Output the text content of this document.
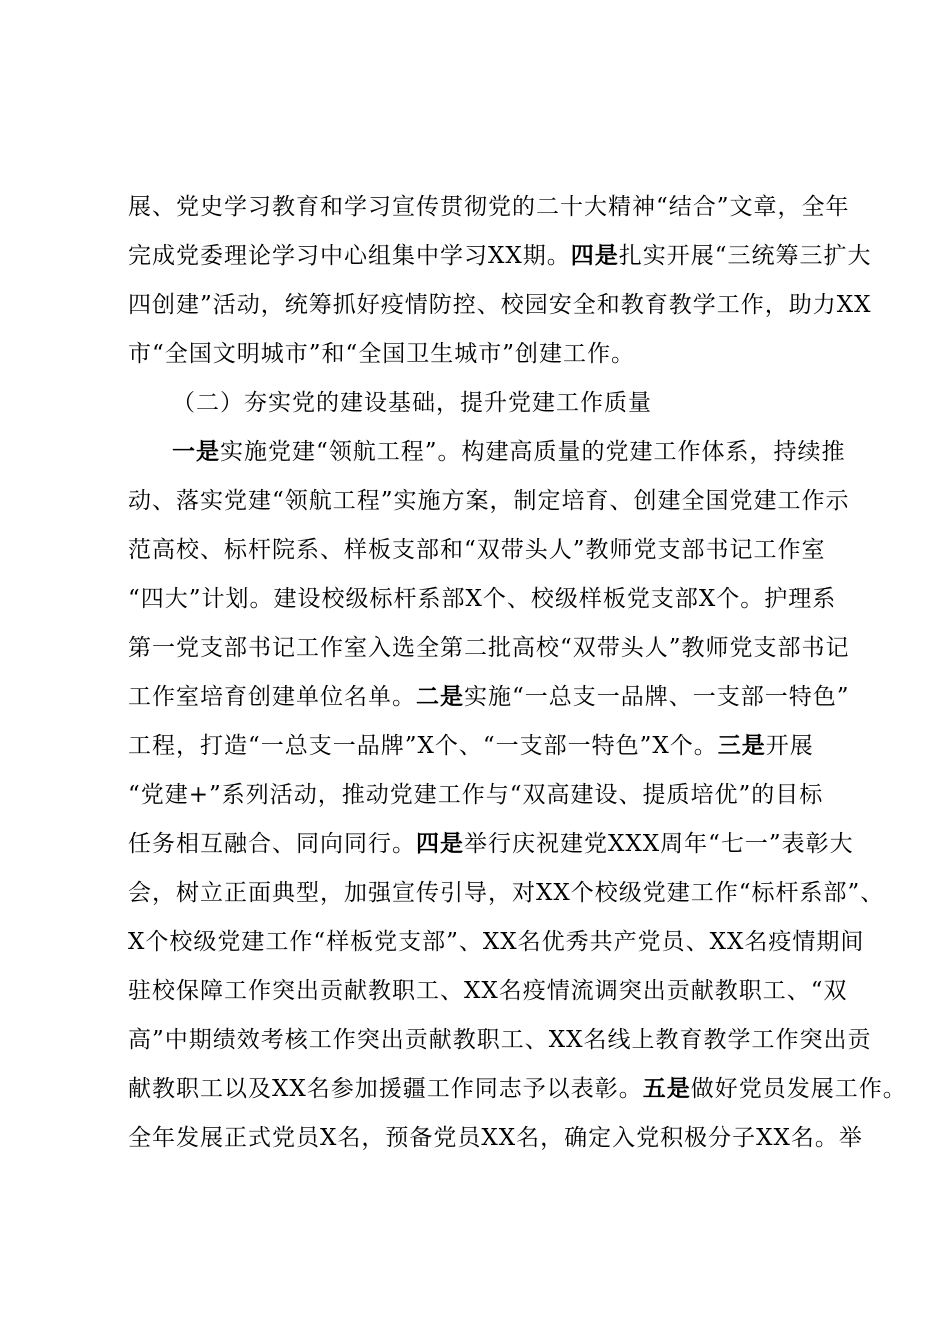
展、党史学习教育和学习宣传贯彻党的二十大精神“结合”文章，全年
完成党委理论学习中心组集中学习XX期。四是扎实开展“三统筹三扩大
四创建”活动，统筹抓好疫情防控、校园安全和教育教学工作，助力XX
市“全国文明城市”和“全国卫生城市”创建工作。
（二）夯实党的建设基础，提升党建工作质量
一是实施党建“领航工程”。构建高质量的党建工作体系，持续推
动、落实党建“领航工程”实施方案，制定培育、创建全国党建工作示
范高校、标杆院系、样板支部和“双带头人”教师党支部书记工作室
“四大”计划。建设校级标杆系部X个、校级样板党支部X个。护理系
第一党支部书记工作室入选全第二批高校“双带头人”教师党支部书记
工作室培育创建单位名单。二是实施“一总支一品牌、一支部一特色”
工程，打造“一总支一品牌”X个、“一支部一特色”X个。三是开展
“党建+”系列活动，推动党建工作与“双高建设、提质培优”的目标
任务相互融合、同向同行。四是举行庆祝建党XXX周年“七一”表彰大
会，树立正面典型，加强宣传引导，对XX个校级党建工作“标杆系部”、
X个校级党建工作“样板党支部”、XX名优秀共产党员、XX名疫情期间
驻校保障工作突出贡献教职工、XX名疫情流调突出贡献教职工、“双
高”中期绩效考核工作突出贡献教职工、XX名线上教育教学工作突出贡
献教职工以及XX名参加援疆工作同志予以表彰。五是做好党员发展工作。
全年发展正式党员X名，预备党员XX名，确定入党积极分子XX名。举
